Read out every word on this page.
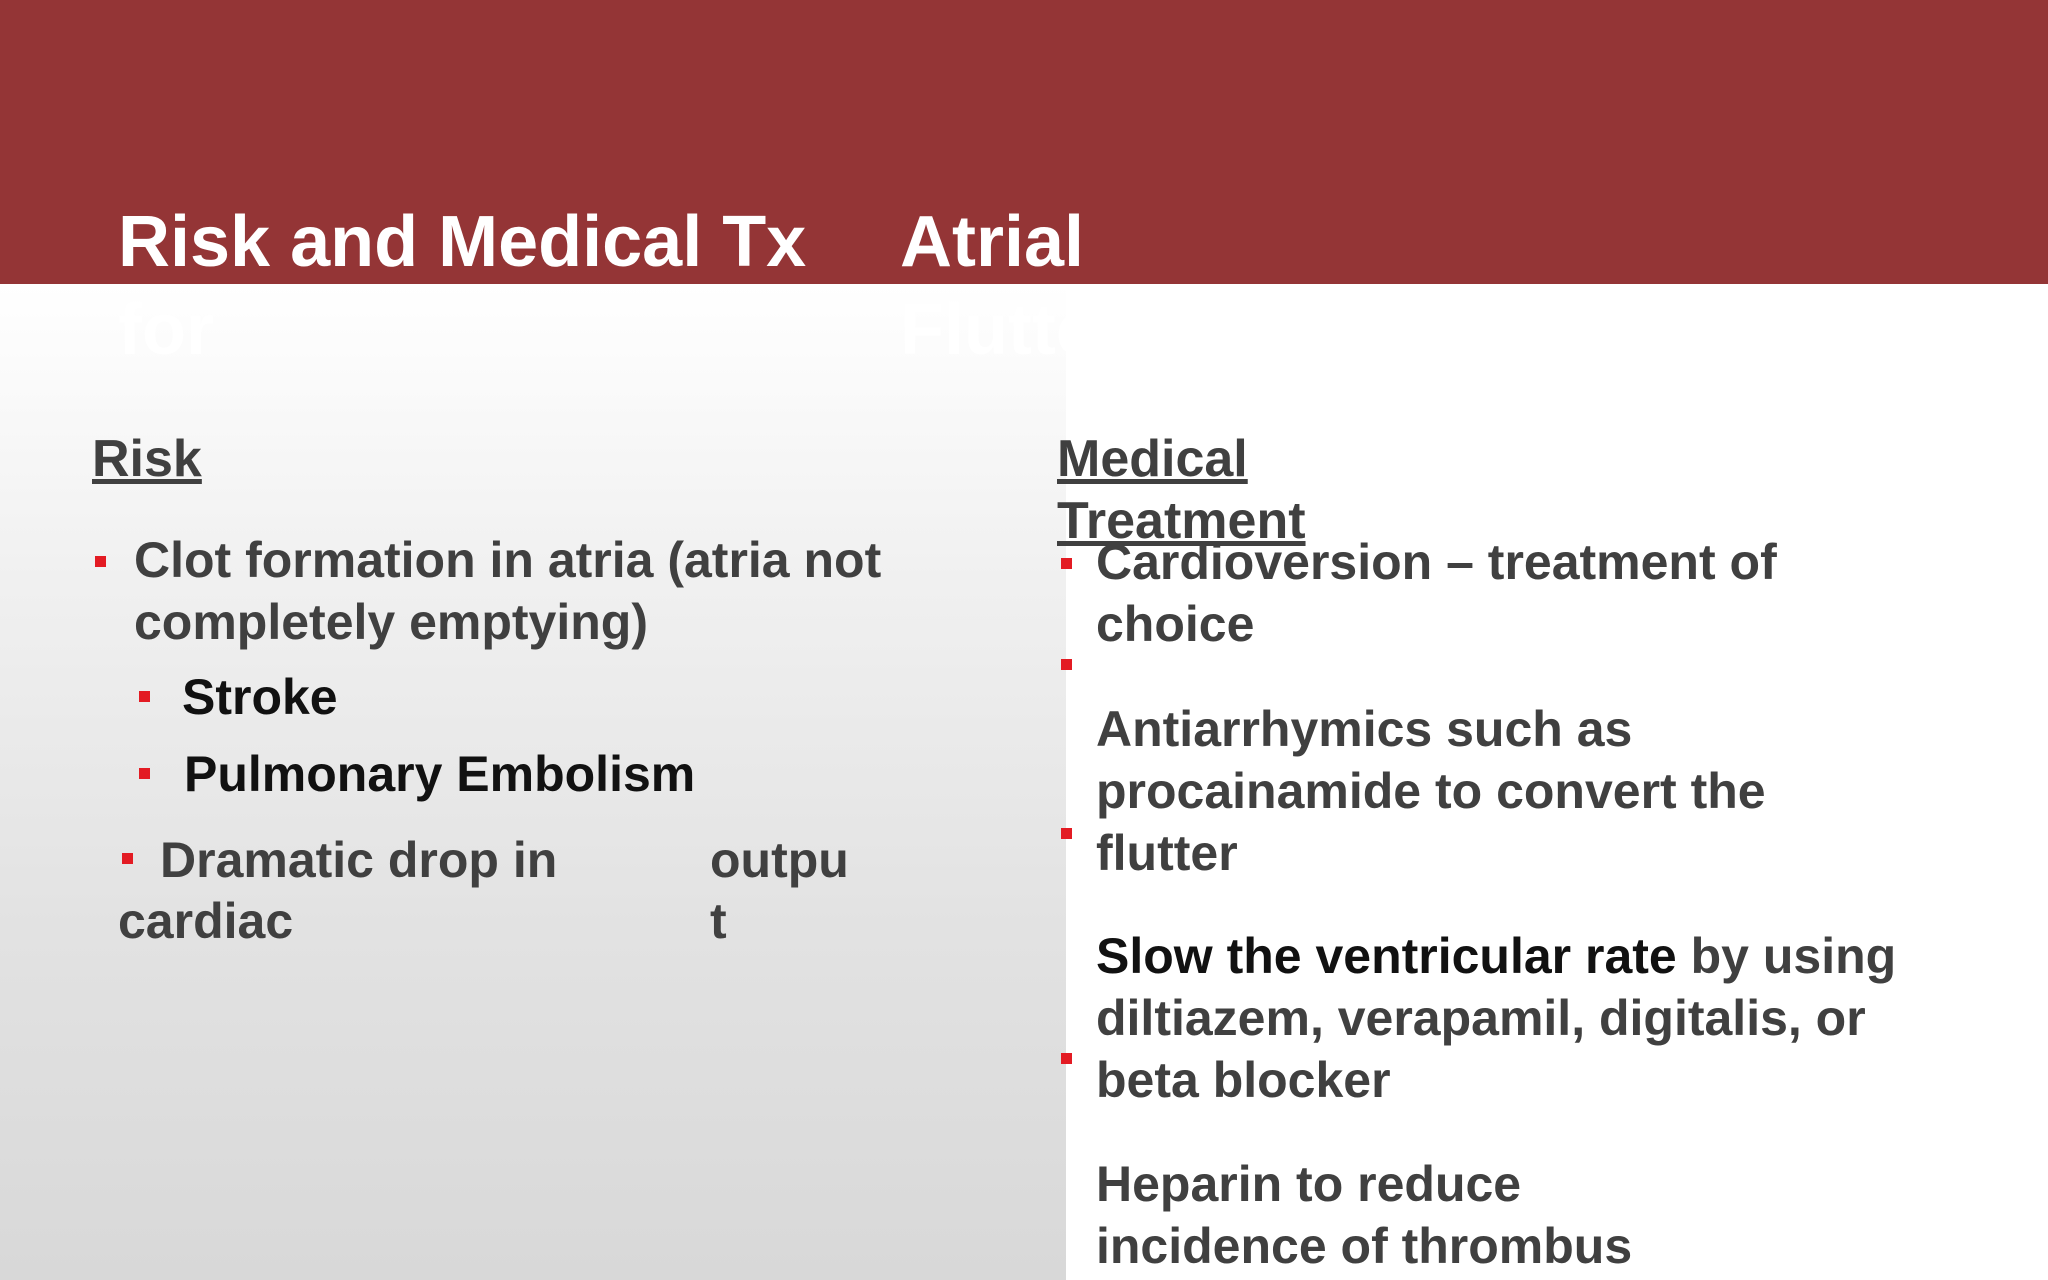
Risk and Medical Tx
for
Atrial
Flutter
Risk

Clot formation in atria (atria not
completely emptying)

Stroke

Pulmonary Embolism

Dramatic drop in

cardiac

outpu

t

Medical
Treatment

Cardioversion – treatment of
choice

Antiarrhymics such as
procainamide to convert the
flutter

Slow the ventricular rate by using
diltiazem, verapamil, digitalis, or
beta blocker

Heparin to reduce
incidence of thrombus
